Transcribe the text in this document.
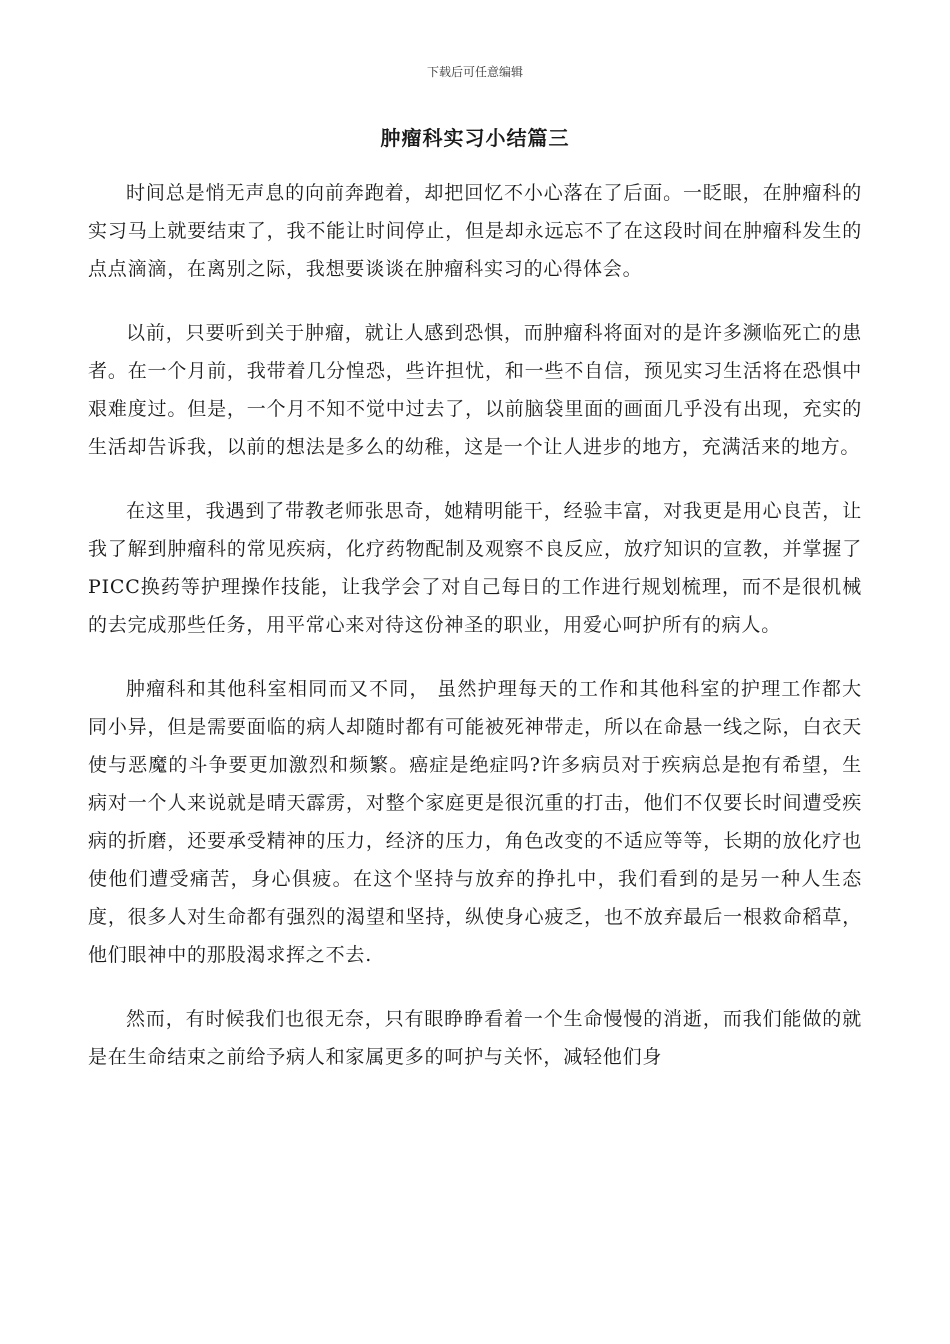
下载后可任意编辑
肿瘤科实习小结篇三

时间总是悄无声息的向前奔跑着，却把回忆不小心落在了后面。一眨眼，在肿瘤科的实习马上就要结束了，我不能让时间停止，但是却永远忘不了在这段时间在肿瘤科发生的点点滴滴，在离别之际，我想要谈谈在肿瘤科实习的心得体会。

以前，只要听到关于肿瘤，就让人感到恐惧，而肿瘤科将面对的是许多濒临死亡的患者。在一个月前，我带着几分惶恐，些许担忧，和一些不自信，预见实习生活将在恐惧中艰难度过。但是，一个月不知不觉中过去了，以前脑袋里面的画面几乎没有出现，充实的生活却告诉我，以前的想法是多么的幼稚，这是一个让人进步的地方，充满活来的地方。

在这里，我遇到了带教老师张思奇，她精明能干，经验丰富，对我更是用心良苦，让我了解到肿瘤科的常见疾病，化疗药物配制及观察不良反应，放疗知识的宣教，并掌握了PICC换药等护理操作技能，让我学会了对自己每日的工作进行规划梳理，而不是很机械的去完成那些任务，用平常心来对待这份神圣的职业，用爱心呵护所有的病人。

肿瘤科和其他科室相同而又不同， 虽然护理每天的工作和其他科室的护理工作都大同小异，但是需要面临的病人却随时都有可能被死神带走，所以在命悬一线之际，白衣天使与恶魔的斗争要更加激烈和频繁。癌症是绝症吗?许多病员对于疾病总是抱有希望，生病对一个人来说就是晴天霹雳，对整个家庭更是很沉重的打击，他们不仅要长时间遭受疾病的折磨，还要承受精神的压力，经济的压力，角色改变的不适应等等，长期的放化疗也使他们遭受痛苦，身心俱疲。在这个坚持与放弃的挣扎中，我们看到的是另一种人生态度，很多人对生命都有强烈的渴望和坚持，纵使身心疲乏，也不放弃最后一根救命稻草，他们眼神中的那股渴求挥之不去.

然而，有时候我们也很无奈，只有眼睁睁看着一个生命慢慢的消逝，而我们能做的就是在生命结束之前给予病人和家属更多的呵护与关怀，减轻他们身
